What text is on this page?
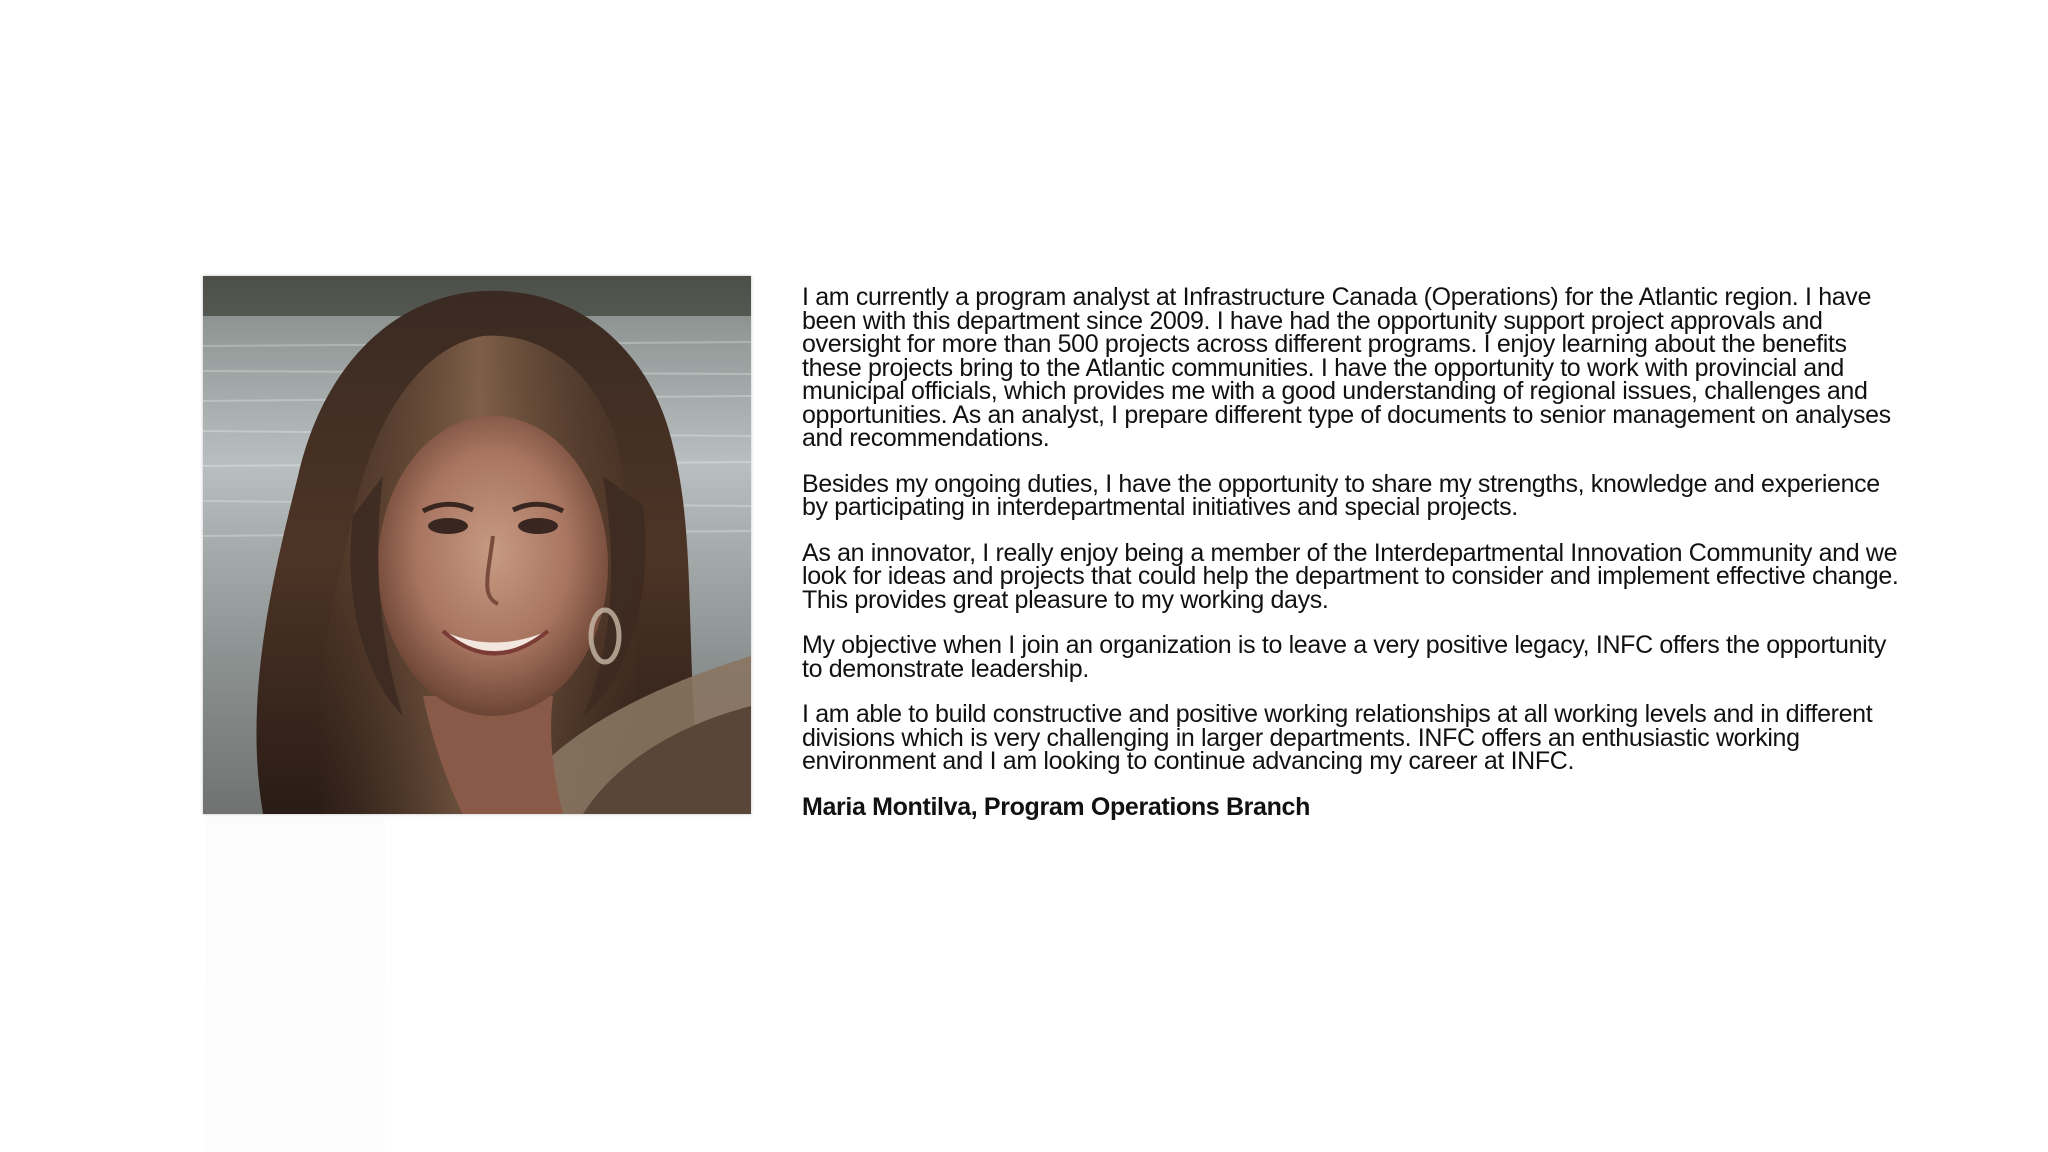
I am currently a program analyst at Infrastructure Canada (Operations) for the Atlantic region. I have been with this department since 2009. I have had the opportunity support project approvals and oversight for more than 500 projects across different programs. I enjoy learning about the benefits these projects bring to the Atlantic communities. I have the opportunity to work with provincial and municipal officials, which provides me with a good understanding of regional issues, challenges and opportunities. As an analyst, I prepare different type of documents to senior management on analyses and recommendations.

Besides my ongoing duties, I have the opportunity to share my strengths, knowledge and experience by participating in interdepartmental initiatives and special projects.

As an innovator, I really enjoy being a member of the Interdepartmental Innovation Community and we look for ideas and projects that could help the department to consider and implement effective change. This provides great pleasure to my working days.

My objective when I join an organization is to leave a very positive legacy, INFC offers the opportunity to demonstrate leadership.

I am able to build constructive and positive working relationships at all working levels and in different divisions which is very challenging in larger departments. INFC offers an enthusiastic working environment and I am looking to continue advancing my career at INFC.

Maria Montilva, Program Operations Branch
